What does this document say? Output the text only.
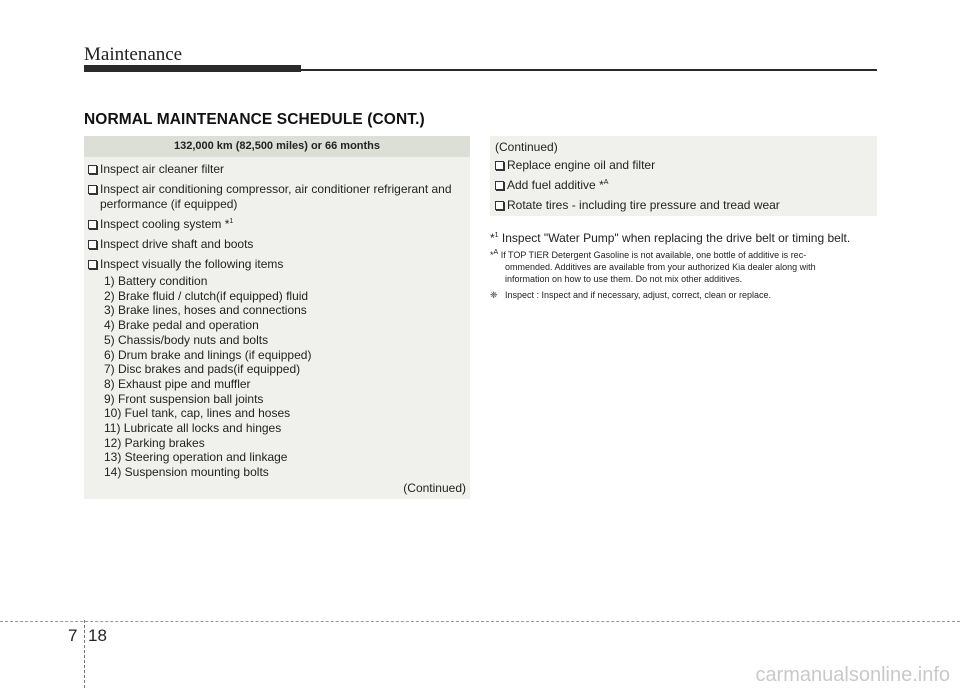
Maintenance
NORMAL MAINTENANCE SCHEDULE (CONT.)
132,000 km (82,500 miles) or 66 months
Inspect air cleaner filter
Inspect air conditioning compressor, air conditioner refrigerant and performance (if equipped)
Inspect cooling system *$^1$
Inspect drive shaft and boots
Inspect visually the following items
1) Battery condition
2) Brake fluid / clutch(if equipped) fluid
3) Brake lines, hoses and connections
4) Brake pedal and operation
5) Chassis/body nuts and bolts
6) Drum brake and linings (if equipped)
7) Disc brakes and pads(if equipped)
8) Exhaust pipe and muffler
9) Front suspension ball joints
10) Fuel tank, cap, lines and hoses
11) Lubricate all locks and hinges
12) Parking brakes
13) Steering operation and linkage
14) Suspension mounting bolts
(Continued)
(Continued)
Replace engine oil and filter
Add fuel additive *$^A$
Rotate tires - including tire pressure and tread wear
*$^1$ Inspect "Water Pump" when replacing the drive belt or timing belt.
*$^A$ If TOP TIER Detergent Gasoline is not available, one bottle of additive is rec-
ommended. Additives are available from your authorized Kia dealer along with
information on how to use them. Do not mix other additives.
❈ Inspect : Inspect and if necessary, adjust, correct, clean or replace.
7 18
carmanualsonline.info
